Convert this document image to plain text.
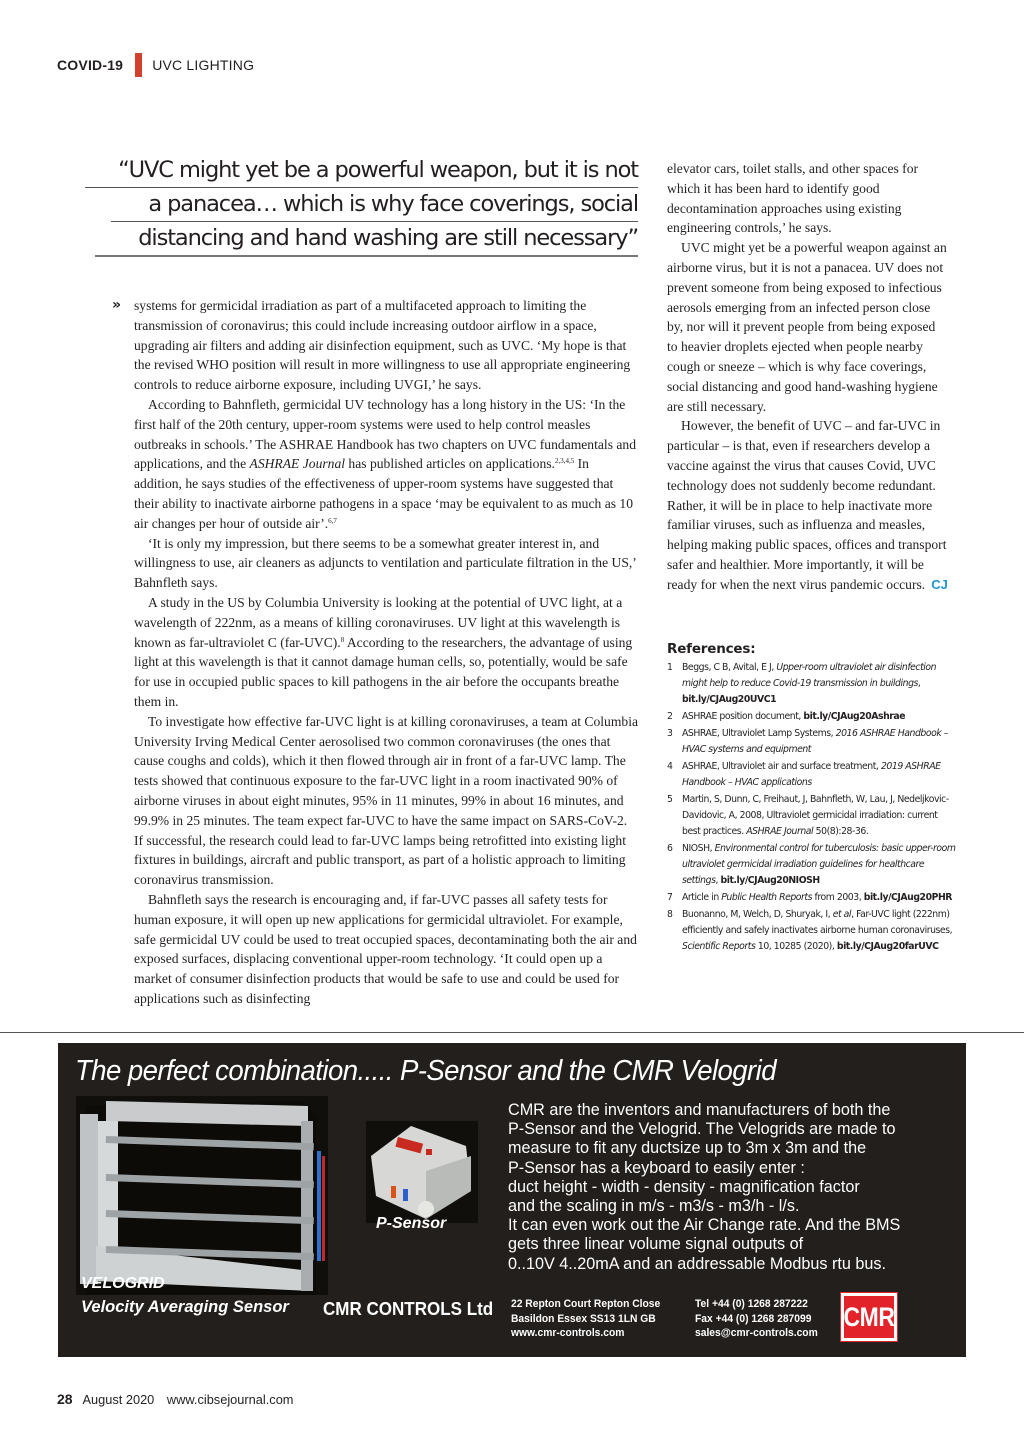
COVID-19 UVC LIGHTING
“UVC might yet be a powerful weapon, but it is not
a panacea… which is why face coverings, social
distancing and hand washing are still necessary”
» systems for germicidal irradiation as part of a multifaceted approach to limiting the transmission of coronavirus; this could include increasing outdoor airflow in a space, upgrading air filters and adding air disinfection equipment, such as UVC. ‘My hope is that the revised WHO position will result in more willingness to use all appropriate engineering controls to reduce airborne exposure, including UVGI,’ he says.

According to Bahnfleth, germicidal UV technology has a long history in the US: ‘In the first half of the 20th century, upper-room systems were used to help control measles outbreaks in schools.’ The ASHRAE Handbook has two chapters on UVC fundamentals and applications, and the ASHRAE Journal has published articles on applications.$^{2,3,4,5}$ In addition, he says studies of the effectiveness of upper-room systems have suggested that their ability to inactivate airborne pathogens in a space ‘may be equivalent to as much as 10 air changes per hour of outside air’.$^{6,7}$

‘It is only my impression, but there seems to be a somewhat greater interest in, and willingness to use, air cleaners as adjuncts to ventilation and particulate filtration in the US,’ Bahnfleth says.

A study in the US by Columbia University is looking at the potential of UVC light, at a wavelength of 222nm, as a means of killing coronaviruses. UV light at this wavelength is known as far-ultraviolet C (far-UVC).$^8$ According to the researchers, the advantage of using light at this wavelength is that it cannot damage human cells, so, potentially, would be safe for use in occupied public spaces to kill pathogens in the air before the occupants breathe them in.

To investigate how effective far-UVC light is at killing coronaviruses, a team at Columbia University Irving Medical Center aerosolised two common coronaviruses (the ones that cause coughs and colds), which it then flowed through air in front of a far-UVC lamp. The tests showed that continuous exposure to the far-UVC light in a room inactivated 90% of airborne viruses in about eight minutes, 95% in 11 minutes, 99% in about 16 minutes, and 99.9% in 25 minutes. The team expect far-UVC to have the same impact on SARS-CoV-2. If successful, the research could lead to far-UVC lamps being retrofitted into existing light fixtures in buildings, aircraft and public transport, as part of a holistic approach to limiting coronavirus transmission.

Bahnfleth says the research is encouraging and, if far-UVC passes all safety tests for human exposure, it will open up new applications for germicidal ultraviolet. For example, safe germicidal UV could be used to treat occupied spaces, decontaminating both the air and exposed surfaces, displacing conventional upper-room technology. ‘It could open up a market of consumer disinfection products that would be safe to use and could be used for applications such as disinfecting

elevator cars, toilet stalls, and other spaces for which it has been hard to identify good decontamination approaches using existing engineering controls,’ he says.

UVC might yet be a powerful weapon against an airborne virus, but it is not a panacea. UV does not prevent someone from being exposed to infectious aerosols emerging from an infected person close by, nor will it prevent people from being exposed to heavier droplets ejected when people nearby cough or sneeze – which is why face coverings, social distancing and good hand-washing hygiene are still necessary.

However, the benefit of UVC – and far-UVC in particular – is that, even if researchers develop a vaccine against the virus that causes Covid, UVC technology does not suddenly become redundant. Rather, it will be in place to help inactivate more familiar viruses, such as influenza and measles, helping making public spaces, offices and transport safer and healthier. More importantly, it will be ready for when the next virus pandemic occurs. CJ

References:
1	Beggs, C B, Avital, E J, Upper-room ultraviolet air disinfection might help to reduce Covid-19 transmission in buildings, bit.ly/CJAug20UVC1
2	ASHRAE position document, bit.ly/CJAug20Ashrae
3	ASHRAE, Ultraviolet Lamp Systems, 2016 ASHRAE Handbook – HVAC systems and equipment
4	ASHRAE, Ultraviolet air and surface treatment, 2019 ASHRAE Handbook – HVAC applications
5	Martin, S, Dunn, C, Freihaut, J, Bahnfleth, W, Lau, J, Nedeljkovic-Davidovic, A, 2008, Ultraviolet germicidal irradiation: current best practices. ASHRAE Journal 50(8):28-36.
6	NIOSH, Environmental control for tuberculosis: basic upper-room ultraviolet germicidal irradiation guidelines for healthcare settings, bit.ly/CJAug20NIOSH
7	Article in Public Health Reports from 2003, bit.ly/CJAug20PHR
8	Buonanno, M, Welch, D, Shuryak, I, et al, Far-UVC light (222nm) efficiently and safely inactivates airborne human coronaviruses, Scientific Reports 10, 10285 (2020), bit.ly/CJAug20farUVC
The perfect combination..... P-Sensor and the CMR Velogrid
P-Sensor
CMR are the inventors and manufacturers of both the
P-Sensor and the Velogrid. The Velogrids are made to
measure to fit any ductsize up to 3m x 3m and the
P-Sensor has a keyboard to easily enter :
duct height - width - density - magnification factor
and the scaling in m/s - m3/s - m3/h - l/s.
It can even work out the Air Change rate. And the BMS
gets three linear volume signal outputs of
0..10V 4..20mA and an addressable Modbus rtu bus.
VELOGRID
Velocity Averaging Sensor CMR CONTROLS Ltd 22 Repton Court Repton Close
Basildon Essex SS13 1LN GB
www.cmr-controls.com
Tel +44 (0) 1268 287222
Fax +44 (0) 1268 287099
sales@cmr-controls.com
CMR
28 August 2020 www.cibsejournal.com
